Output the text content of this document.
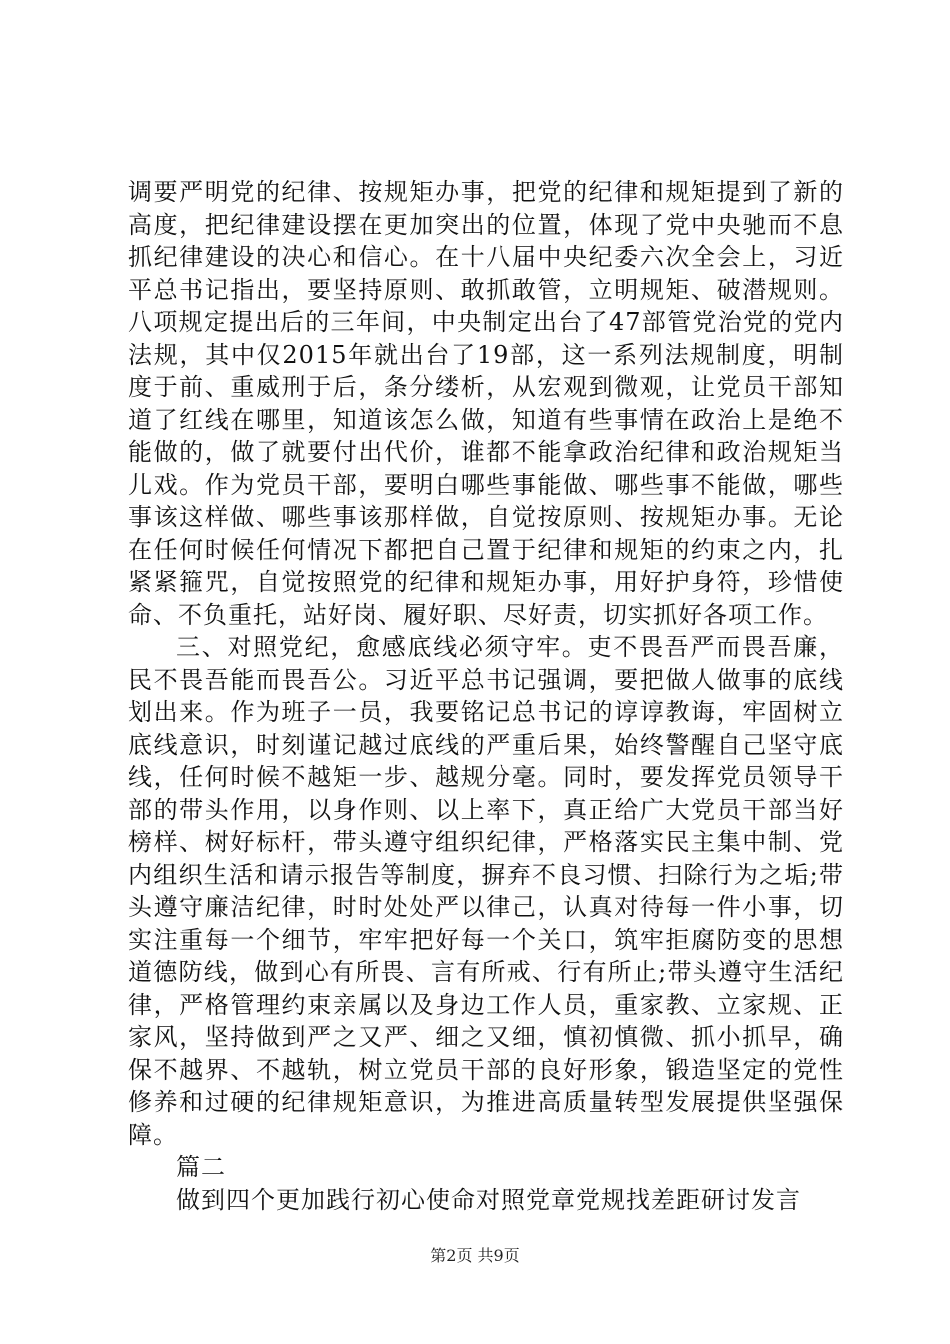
调要严明党的纪律、按规矩办事，把党的纪律和规矩提到了新的高度，把纪律建设摆在更加突出的位置，体现了党中央驰而不息抓纪律建设的决心和信心。在十八届中央纪委六次全会上，习近平总书记指出，要坚持原则、敢抓敢管，立明规矩、破潜规则。八项规定提出后的三年间，中央制定出台了47部管党治党的党内法规，其中仅2015年就出台了19部，这一系列法规制度，明制度于前、重威刑于后，条分缕析，从宏观到微观，让党员干部知道了红线在哪里，知道该怎么做，知道有些事情在政治上是绝不能做的，做了就要付出代价，谁都不能拿政治纪律和政治规矩当儿戏。作为党员干部，要明白哪些事能做、哪些事不能做，哪些事该这样做、哪些事该那样做，自觉按原则、按规矩办事。无论在任何时候任何情况下都把自己置于纪律和规矩的约束之内，扎紧紧箍咒，自觉按照党的纪律和规矩办事，用好护身符，珍惜使命、不负重托，站好岗、履好职、尽好责，切实抓好各项工作。

三、对照党纪，愈感底线必须守牢。吏不畏吾严而畏吾廉，民不畏吾能而畏吾公。习近平总书记强调，要把做人做事的底线划出来。作为班子一员，我要铭记总书记的谆谆教诲，牢固树立底线意识，时刻谨记越过底线的严重后果，始终警醒自己坚守底线，任何时候不越矩一步、越规分毫。同时，要发挥党员领导干部的带头作用，以身作则、以上率下，真正给广大党员干部当好榜样、树好标杆，带头遵守组织纪律，严格落实民主集中制、党内组织生活和请示报告等制度，摒弃不良习惯、扫除行为之垢;带头遵守廉洁纪律，时时处处严以律己，认真对待每一件小事，切实注重每一个细节，牢牢把好每一个关口，筑牢拒腐防变的思想道德防线，做到心有所畏、言有所戒、行有所止;带头遵守生活纪律，严格管理约束亲属以及身边工作人员，重家教、立家规、正家风，坚持做到严之又严、细之又细，慎初慎微、抓小抓早，确保不越界、不越轨，树立党员干部的良好形象，锻造坚定的党性修养和过硬的纪律规矩意识，为推进高质量转型发展提供坚强保障。

篇二

做到四个更加践行初心使命对照党章党规找差距研讨发言

第2页 共9页
